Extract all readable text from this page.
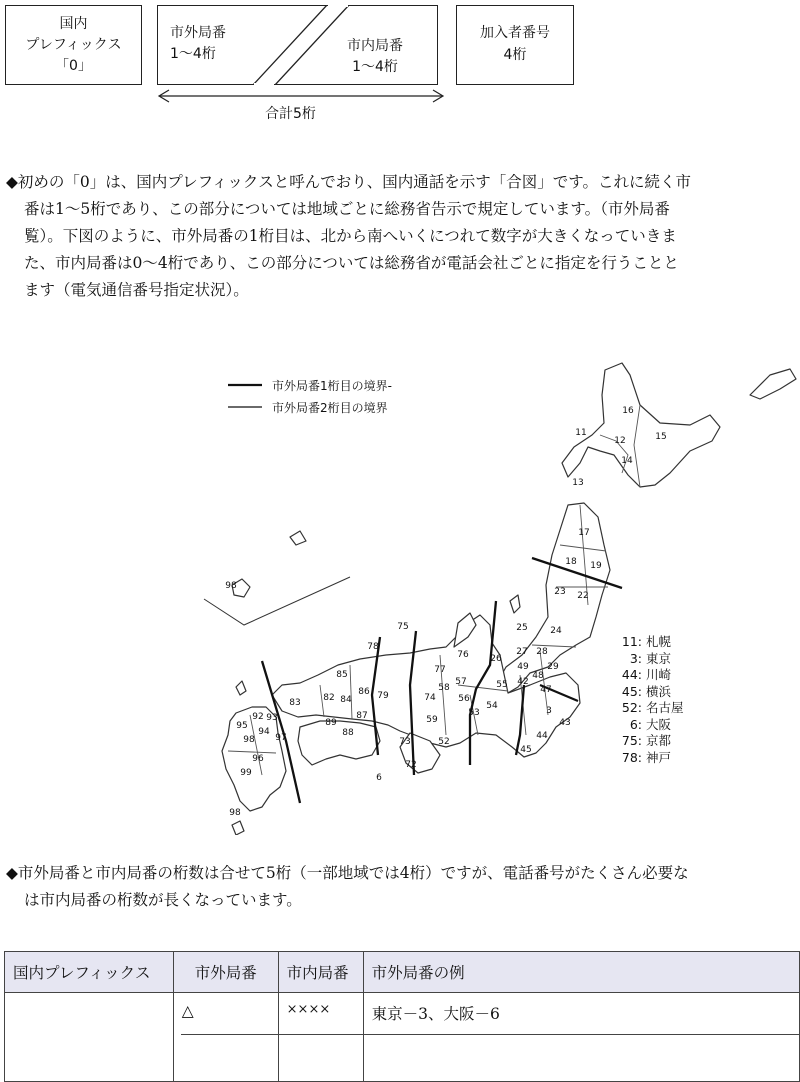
国内
プレフィックス
「0」
市外局番
1～4桁	市内局番
1～4桁
加入者番号
4桁
合計5桁
◆初めの「0」は、国内プレフィックスと呼んでおり、国内通話を示す「合図」です。これに続く市
番は1～5桁であり、この部分については地域ごとに総務省告示で規定しています。（市外局番
覧）。下図のように、市外局番の1桁目は、北から南へいくにつれて数字が大きくなっていきま
た、市内局番は0～4桁であり、この部分については総務省が電話会社ごとに指定を行うことと
ます（電気通信番号指定状況）。
11
16
12	15
14
13
17
18 19
23 22
98
75
78
25	24
76 26
27 28
77
57
49
48
29
85
86 79
58	55 42
47
82 84	74	56
54	3
83
87	53
43
92 93	89	59
95
94
97	88
73	52
44
98
96
72
45
99	6
98
市外局番1桁目の境界-
市外局番2桁目の境界
11: 札幌
3: 東京
44: 川崎
45: 横浜
52: 名古屋
6: 大阪
75: 京都
78: 神戸
◆市外局番と市内局番の桁数は合せて5桁（一部地域では4桁）ですが、電話番号がたくさん必要な
は市内局番の桁数が長くなっています。
国内プレフィックス	市外局番	市内局番	市外局番の例
	△	××××	東京－3、大阪－6
